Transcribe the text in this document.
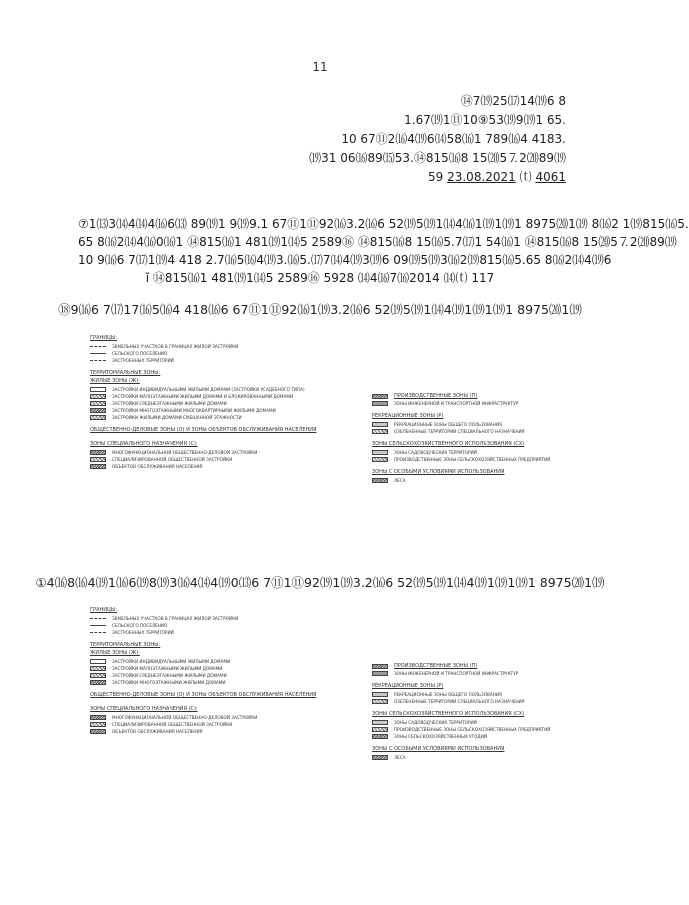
11
⑭7⒆25⒄14⒆6 8
1.67⒆1⑪10⑨53⒆9⒆1 65.
10 67⑪2⒃4⒆6⒁58⒃1 789⒃4 4183.
⒆31 06⒃89⒂53.⑭815⒃8 15⒇5⒎2⒇89⒆
59 23.08.2021 ⒯ 4061
⑦1⒀3⒁4⒁4⒃6⒀ 89⒆1 9⒆9.1 67⑪1⑪92⒃3.2⒃6 52⒆5⒆1⒁4⒃1⒆1⒆1 8975⒇1⒆ 8⒃2 1⒆815⒃5.
65 8⒃2⒁4⒃0⒃1 ⑭815⒃1 481⒆1⒁5 2589⑯ ⑭815⒃8 15⒃5.7⒄1 54⒃1 ⑭815⒃8 15⒇5⒎2⒇89⒆
10 9⒃6 7⒄1⒆4 418 2.7⒃5⒃4⒆3.⒃5.⒄7⒁4⒆3⒆6 09⒆5⒆3⒃2⒆815⒃5.65 8⒃2⒁4⒆6
ĭ ⑭815⒃1 481⒆1⒁5 2589⑯ 5928 ⒁4⒃7⒃2014 ⒁⒯ 117
⑱9⒃6 7⒄17⒃5⒃4 418⒃6 67⑪1⑪92⒃1⒆3.2⒃6 52⒆5⒆1⒁4⒆1⒆1⒆1 8975⒇1⒆
ГРАНИЦЫ:
ЗЕМЕЛЬНЫХ УЧАСТКОВ В ГРАНИЦАХ ЖИЛОЙ ЗАСТРОЙКИ
СЕЛЬСКОГО ПОСЕЛЕНИЯ
ЗАСТРОЕННЫХ ТЕРРИТОРИЙ
ТЕРРИТОРИАЛЬНЫЕ ЗОНЫ:
ЖИЛЫЕ ЗОНЫ (Ж):
ЗАСТРОЙКИ ИНДИВИДУАЛЬНЫМИ ЖИЛЫМИ ДОМАМИ (ЗАСТРОЙКИ УСАДЕБНОГО ТИПА)
ЗАСТРОЙКИ МАЛОЭТАЖНЫМИ ЖИЛЫМИ ДОМАМИ И БЛОКИРОВАННЫМИ ДОМАМИ
ЗАСТРОЙКИ СРЕДНЕЭТАЖНЫМИ ЖИЛЫМИ ДОМАМИ
ЗАСТРОЙКИ МНОГОЭТАЖНЫМИ МНОГОКВАРТИРНЫМИ ЖИЛЫМИ ДОМАМИ
ЗАСТРОЙКИ ЖИЛЫМИ ДОМАМИ СМЕШАННОЙ ЭТАЖНОСТИ
ОБЩЕСТВЕННО-ДЕЛОВЫЕ ЗОНЫ (О) И ЗОНЫ ОБЪЕКТОВ ОБСЛУЖИВАНИЯ НАСЕЛЕНИЯ
ЗОНЫ СПЕЦИАЛЬНОГО НАЗНАЧЕНИЯ (С):
МНОГОФУНКЦИОНАЛЬНОЙ ОБЩЕСТВЕННО-ДЕЛОВОЙ ЗАСТРОЙКИ
СПЕЦИАЛИЗИРОВАННОЙ ОБЩЕСТВЕННОЙ ЗАСТРОЙКИ
ОБЪЕКТОВ ОБСЛУЖИВАНИЯ НАСЕЛЕНИЯ
ПРОИЗВОДСТВЕННЫЕ ЗОНЫ (П)
ЗОНЫ ИНЖЕНЕРНОЙ И ТРАНСПОРТНОЙ ИНФРАСТРУКТУР
РЕКРЕАЦИОННЫЕ ЗОНЫ (Р)
РЕКРЕАЦИОННЫЕ ЗОНЫ ОБЩЕГО ПОЛЬЗОВАНИЯ
ОЗЕЛЕНЕННЫЕ ТЕРРИТОРИИ СПЕЦИАЛЬНОГО НАЗНАЧЕНИЯ
ЗОНЫ СЕЛЬСКОХОЗЯЙСТВЕННОГО ИСПОЛЬЗОВАНИЯ (СХ)
ЗОНЫ САДОВОДЧЕСКИХ ТЕРРИТОРИЙ
ПРОИЗВОДСТВЕННЫЕ ЗОНЫ СЕЛЬСКОХОЗЯЙСТВЕННЫХ ПРЕДПРИЯТИЙ
ЗОНЫ С ОСОБЫМИ УСЛОВИЯМИ ИСПОЛЬЗОВАНИЯ
ЛЕСА
①4⒃8⒃4⒆1⒃6⒆8⒆3⒃4⒁4⒆0⒀6 7⑪1⑪92⒆1⒆3.2⒃6 52⒆5⒆1⒁4⒆1⒆1⒆1 8975⒇1⒆
ГРАНИЦЫ:
ЗЕМЕЛЬНЫХ УЧАСТКОВ В ГРАНИЦАХ ЖИЛОЙ ЗАСТРОЙКИ
СЕЛЬСКОГО ПОСЕЛЕНИЯ
ЗАСТРОЕННЫХ ТЕРРИТОРИЙ
ТЕРРИТОРИАЛЬНЫЕ ЗОНЫ:
ЖИЛЫЕ ЗОНЫ (Ж):
ЗАСТРОЙКИ ИНДИВИДУАЛЬНЫМИ ЖИЛЫМИ ДОМАМИ
ЗАСТРОЙКИ МАЛОЭТАЖНЫМИ ЖИЛЫМИ ДОМАМИ
ЗАСТРОЙКИ СРЕДНЕЭТАЖНЫМИ ЖИЛЫМИ ДОМАМИ
ЗАСТРОЙКИ МНОГОЭТАЖНЫМИ ЖИЛЫМИ ДОМАМИ
ОБЩЕСТВЕННО-ДЕЛОВЫЕ ЗОНЫ (О) И ЗОНЫ ОБЪЕКТОВ ОБСЛУЖИВАНИЯ НАСЕЛЕНИЯ
ЗОНЫ СПЕЦИАЛЬНОГО НАЗНАЧЕНИЯ (С):
МНОГОФУНКЦИОНАЛЬНОЙ ОБЩЕСТВЕННО-ДЕЛОВОЙ ЗАСТРОЙКИ
СПЕЦИАЛИЗИРОВАННОЙ ОБЩЕСТВЕННОЙ ЗАСТРОЙКИ
ОБЪЕКТОВ ОБСЛУЖИВАНИЯ НАСЕЛЕНИЯ
ПРОИЗВОДСТВЕННЫЕ ЗОНЫ (П)
ЗОНЫ ИНЖЕНЕРНОЙ И ТРАНСПОРТНОЙ ИНФРАСТРУКТУР
РЕКРЕАЦИОННЫЕ ЗОНЫ (Р)
РЕКРЕАЦИОННЫЕ ЗОНЫ ОБЩЕГО ПОЛЬЗОВАНИЯ
ОЗЕЛЕНЕННЫЕ ТЕРРИТОРИИ СПЕЦИАЛЬНОГО НАЗНАЧЕНИЯ
ЗОНЫ СЕЛЬСКОХОЗЯЙСТВЕННОГО ИСПОЛЬЗОВАНИЯ (СХ)
ЗОНЫ САДОВОДЧЕСКИХ ТЕРРИТОРИЙ
ПРОИЗВОДСТВЕННЫЕ ЗОНЫ СЕЛЬСКОХОЗЯЙСТВЕННЫХ ПРЕДПРИЯТИЙ
ЗОНЫ СЕЛЬСКОХОЗЯЙСТВЕННЫХ УГОДИЙ
ЗОНЫ С ОСОБЫМИ УСЛОВИЯМИ ИСПОЛЬЗОВАНИЯ
ЛЕСА
